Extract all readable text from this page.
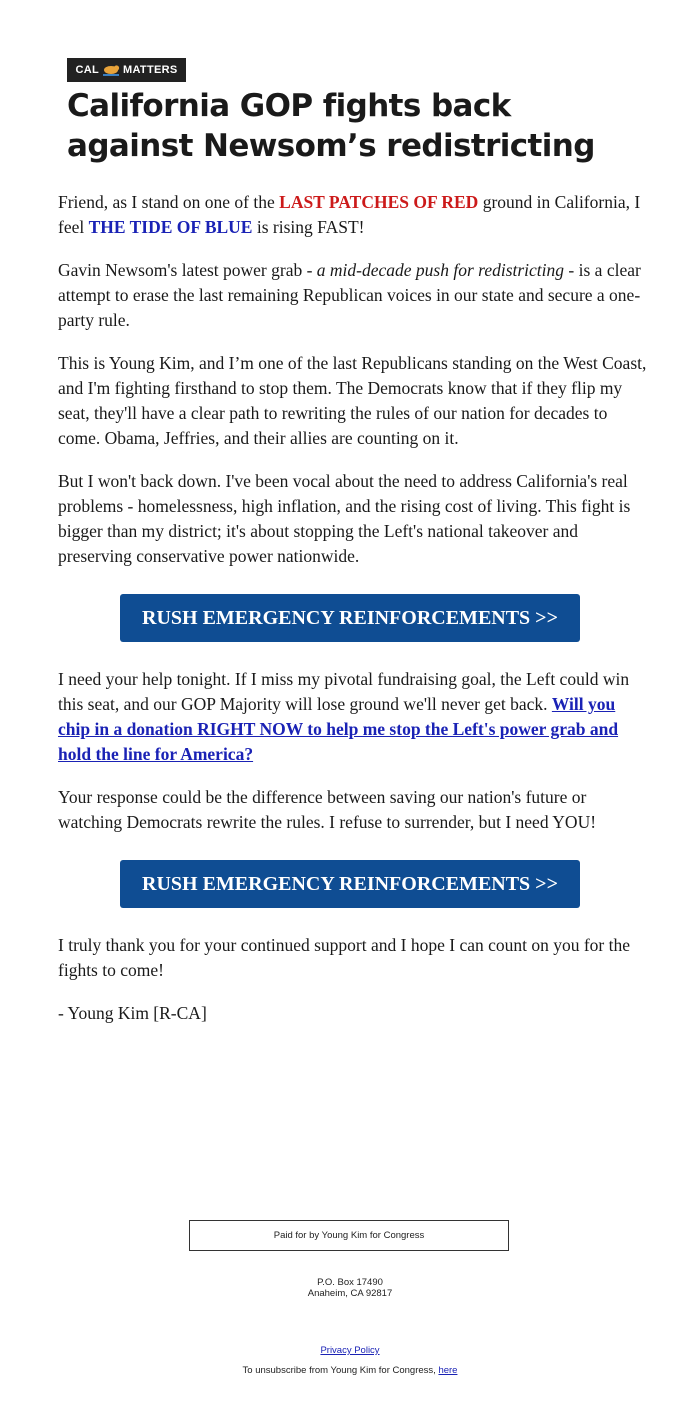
CAL MATTERS
California GOP fights back against Newsom’s redistricting

Friend, as I stand on one of the LAST PATCHES OF RED ground in California, I feel THE TIDE OF BLUE is rising FAST!

Gavin Newsom's latest power grab - a mid-decade push for redistricting - is a clear attempt to erase the last remaining Republican voices in our state and secure a one-party rule.

This is Young Kim, and I’m one of the last Republicans standing on the West Coast, and I'm fighting firsthand to stop them. The Democrats know that if they flip my seat, they'll have a clear path to rewriting the rules of our nation for decades to come. Obama, Jeffries, and their allies are counting on it.

But I won't back down. I've been vocal about the need to address California's real problems - homelessness, high inflation, and the rising cost of living. This fight is bigger than my district; it's about stopping the Left's national takeover and preserving conservative power nationwide.

RUSH EMERGENCY REINFORCEMENTS >>

I need your help tonight. If I miss my pivotal fundraising goal, the Left could win this seat, and our GOP Majority will lose ground we'll never get back. Will you chip in a donation RIGHT NOW to help me stop the Left's power grab and hold the line for America?

Your response could be the difference between saving our nation's future or watching Democrats rewrite the rules. I refuse to surrender, but I need YOU!

RUSH EMERGENCY REINFORCEMENTS >>

I truly thank you for your continued support and I hope I can count on you for the fights to come!

- Young Kim [R-CA]

Paid for by Young Kim for Congress
P.O. Box 17490
Anaheim, CA 92817
Privacy Policy
To unsubscribe from Young Kim for Congress, here
